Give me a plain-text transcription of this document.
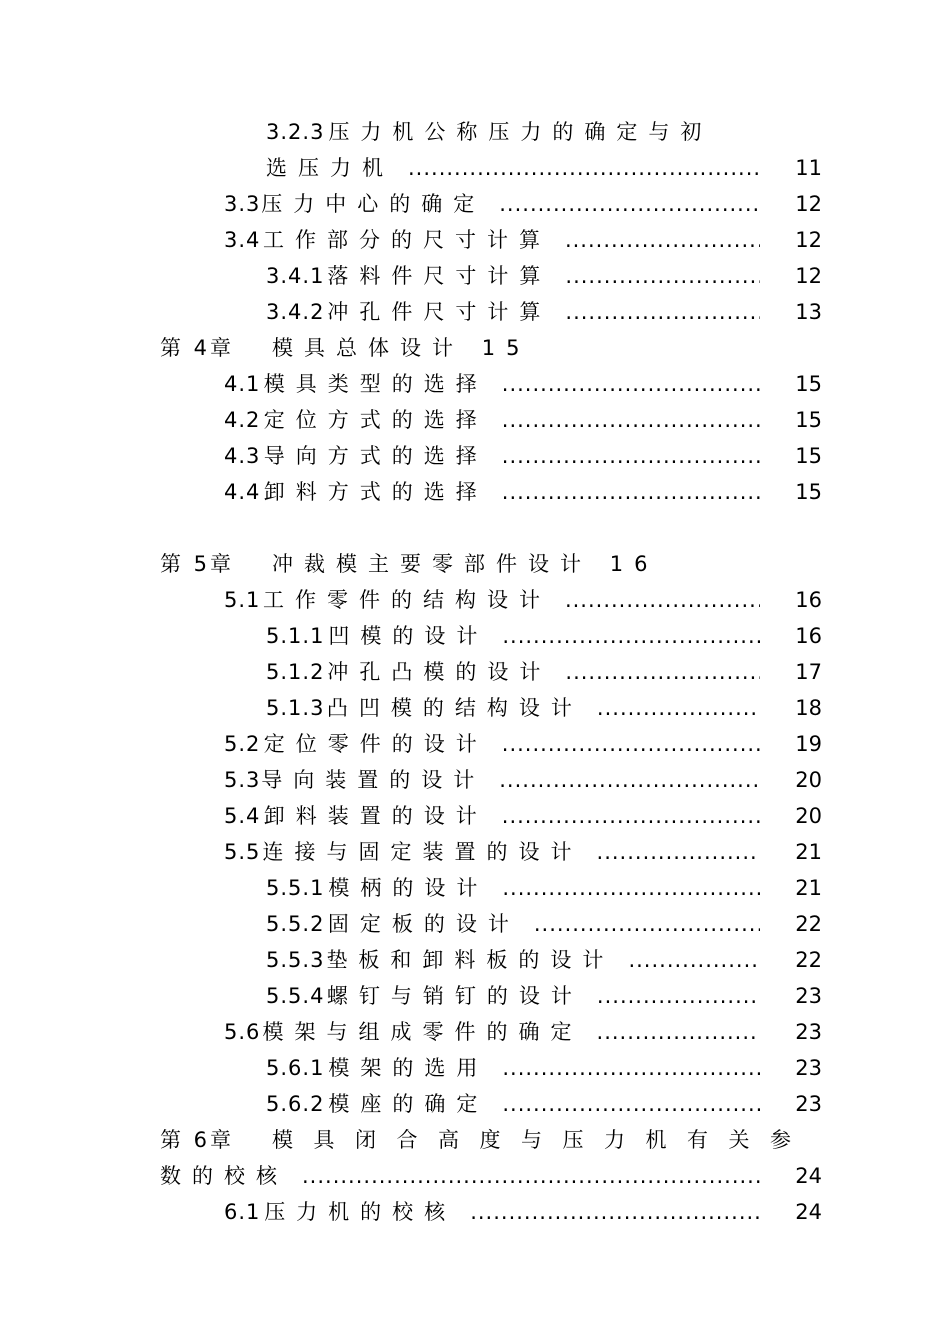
3.2.3 压力机公称压力的确定与初
选压力机 .....	11
3.3 压力中心的确定 .....	12
3.4 工作部分的尺寸计算 .....	12
3.4.1 落料件尺寸计算 .....	12
3.4.2 冲孔件尺寸计算 .....	13
第 4章 模具总体设计 15
4.1 模具类型的选择 .....	15
4.2 定位方式的选择 .....	15
4.3 导向方式的选择 .....	15
4.4 卸料方式的选择 .....	15
第 5章 冲裁模主要零部件设计 16
5.1 工作零件的结构设计 .....	16
5.1.1 凹模的设计 .....	16
5.1.2 冲孔凸模的设计 .....	17
5.1.3 凸凹模的结构设计 .....	18
5.2 定位零件的设计 .....	19
5.3 导向装置的设计 .....	20
5.4 卸料装置的设计 .....	20
5.5 连接与固定装置的设计 .....	21
5.5.1 模柄的设计 .....	21
5.5.2 固定板的设计 .....	22
5.5.3 垫板和卸料板的设计 .....	22
5.5.4 螺钉与销钉的设计 .....	23
5.6 模架与组成零件的确定 .....	23
5.6.1 模架的选用 .....	23
5.6.2 模座的确定 .....	23
第 6章 模具闭合高度与压力机有关参
数的校核 .....	24
6.1 压力机的校核 .....	24
